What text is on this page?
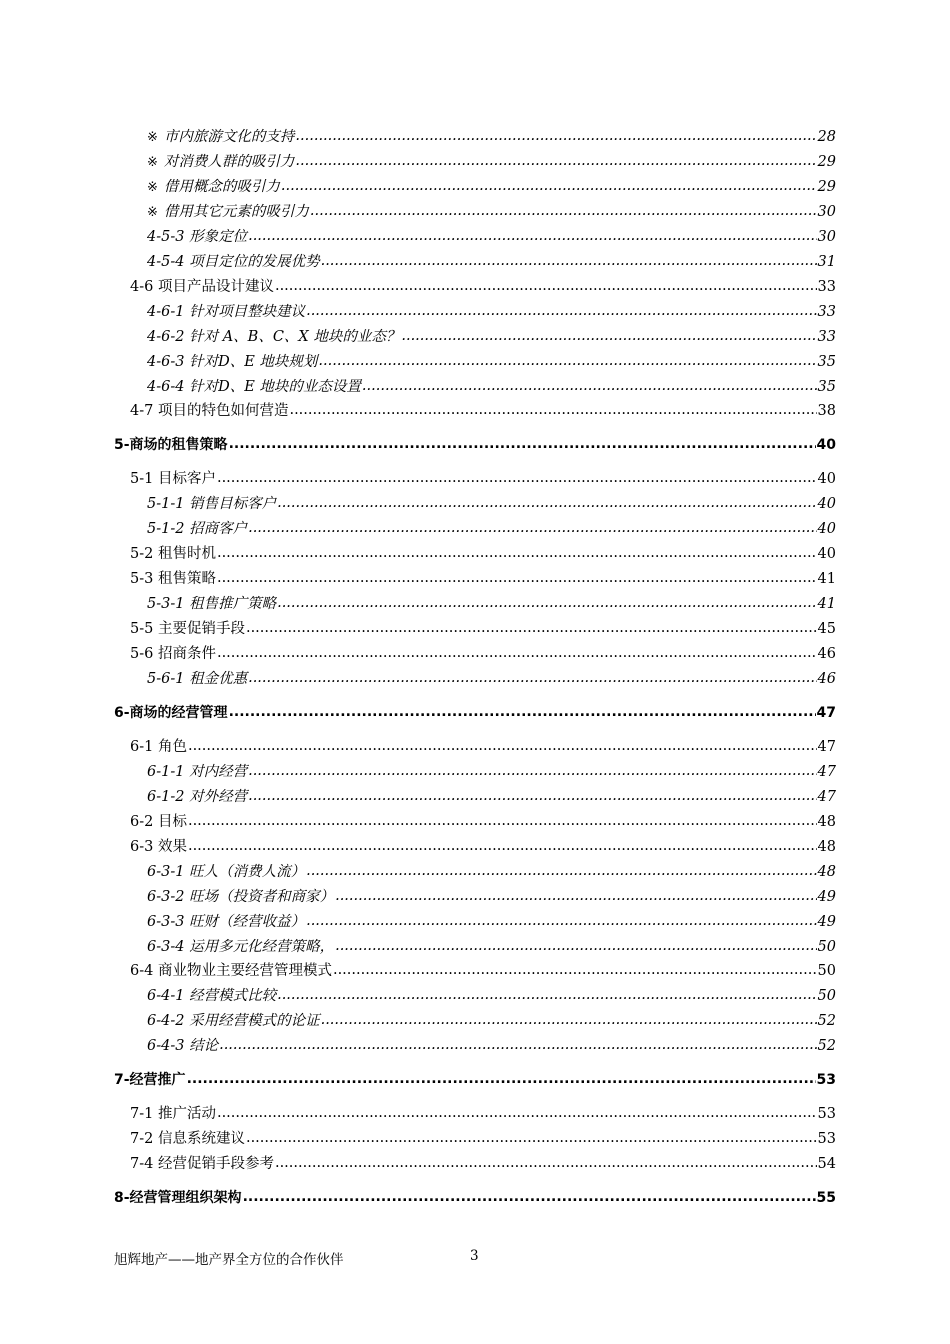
※ 市内旅游文化的支持 .....	28
※ 对消费人群的吸引力 .....	29
※ 借用概念的吸引力 .....	29
※ 借用其它元素的吸引力 .....	30
4-5-3 形象定位 .....	30
4-5-4 项目定位的发展优势 .....	31
4-6 项目产品设计建议 .....	33
4-6-1 针对项目整块建议 .....	33
4-6-2 针对 A、B、C、X 地块的业态？ .....	33
4-6-3 针对D、E 地块规划 .....	35
4-6-4 针对D、E 地块的业态设置 .....	35
4-7 项目的特色如何营造 .....	38
5-商场的租售策略 .....	40
5-1 目标客户 .....	40
5-1-1 销售目标客户 .....	40
5-1-2 招商客户 .....	40
5-2 租售时机 .....	40
5-3 租售策略 .....	41
5-3-1 租售推广策略 .....	41
5-5 主要促销手段 .....	45
5-6 招商条件 .....	46
5-6-1 租金优惠 .....	46
6-商场的经营管理 .....	47
6-1 角色 .....	47
6-1-1 对内经营 .....	47
6-1-2 对外经营 .....	47
6-2 目标 .....	48
6-3 效果 .....	48
6-3-1 旺人（消费人流） .....	48
6-3-2 旺场（投资者和商家） .....	49
6-3-3 旺财（经营收益） .....	49
6-3-4 运用多元化经营策略， .....	50
6-4 商业物业主要经营管理模式 .....	50
6-4-1 经营模式比较 .....	50
6-4-2 采用经营模式的论证 .....	52
6-4-3 结论 .....	52
7-经营推广 .....	53
7-1 推广活动 .....	53
7-2 信息系统建议 .....	53
7-4 经营促销手段参考 .....	54
8-经营管理组织架构 .....	55
旭辉地产——地产界全方位的合作伙伴	3
